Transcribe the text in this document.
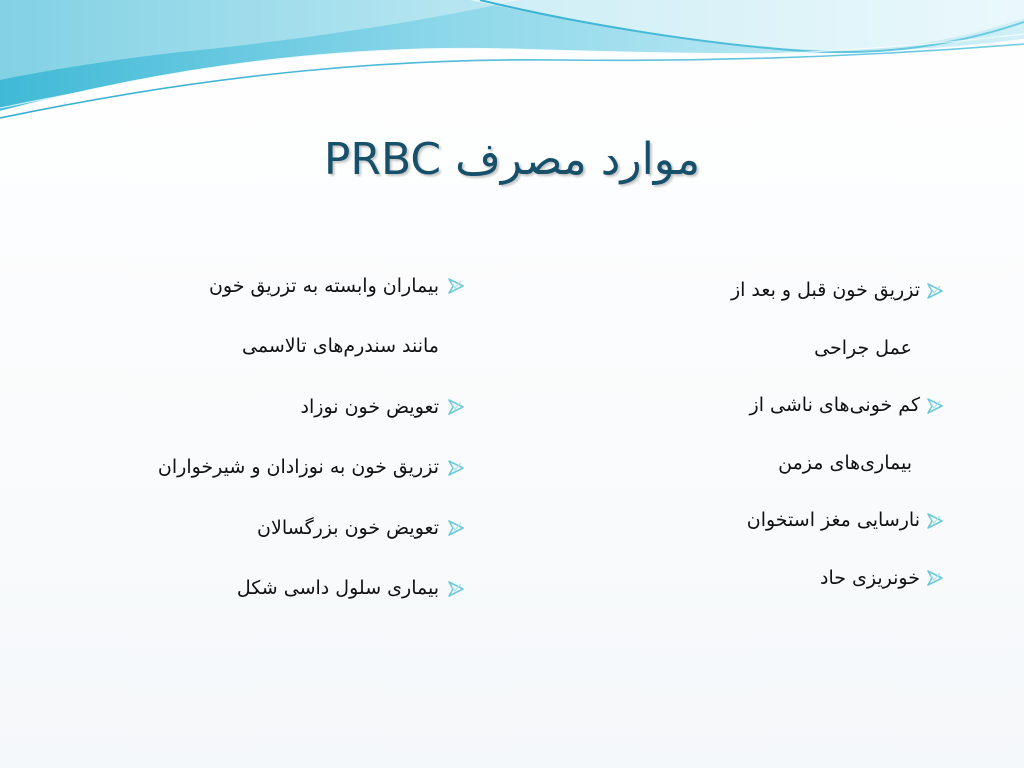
موارد مصرف PRBC
تزریق خون قبل و بعد از
عمل جراحی
کم خونی‌های ناشی از
بیماری‌های مزمن
نارسایی مغز استخوان
خونریزی حاد
بیماران وابسته به تزریق خون
مانند سندرم‌های تالاسمی
تعویض خون نوزاد
تزریق خون به نوزادان و شیرخواران
تعویض خون بزرگسالان
بیماری سلول داسی شکل
